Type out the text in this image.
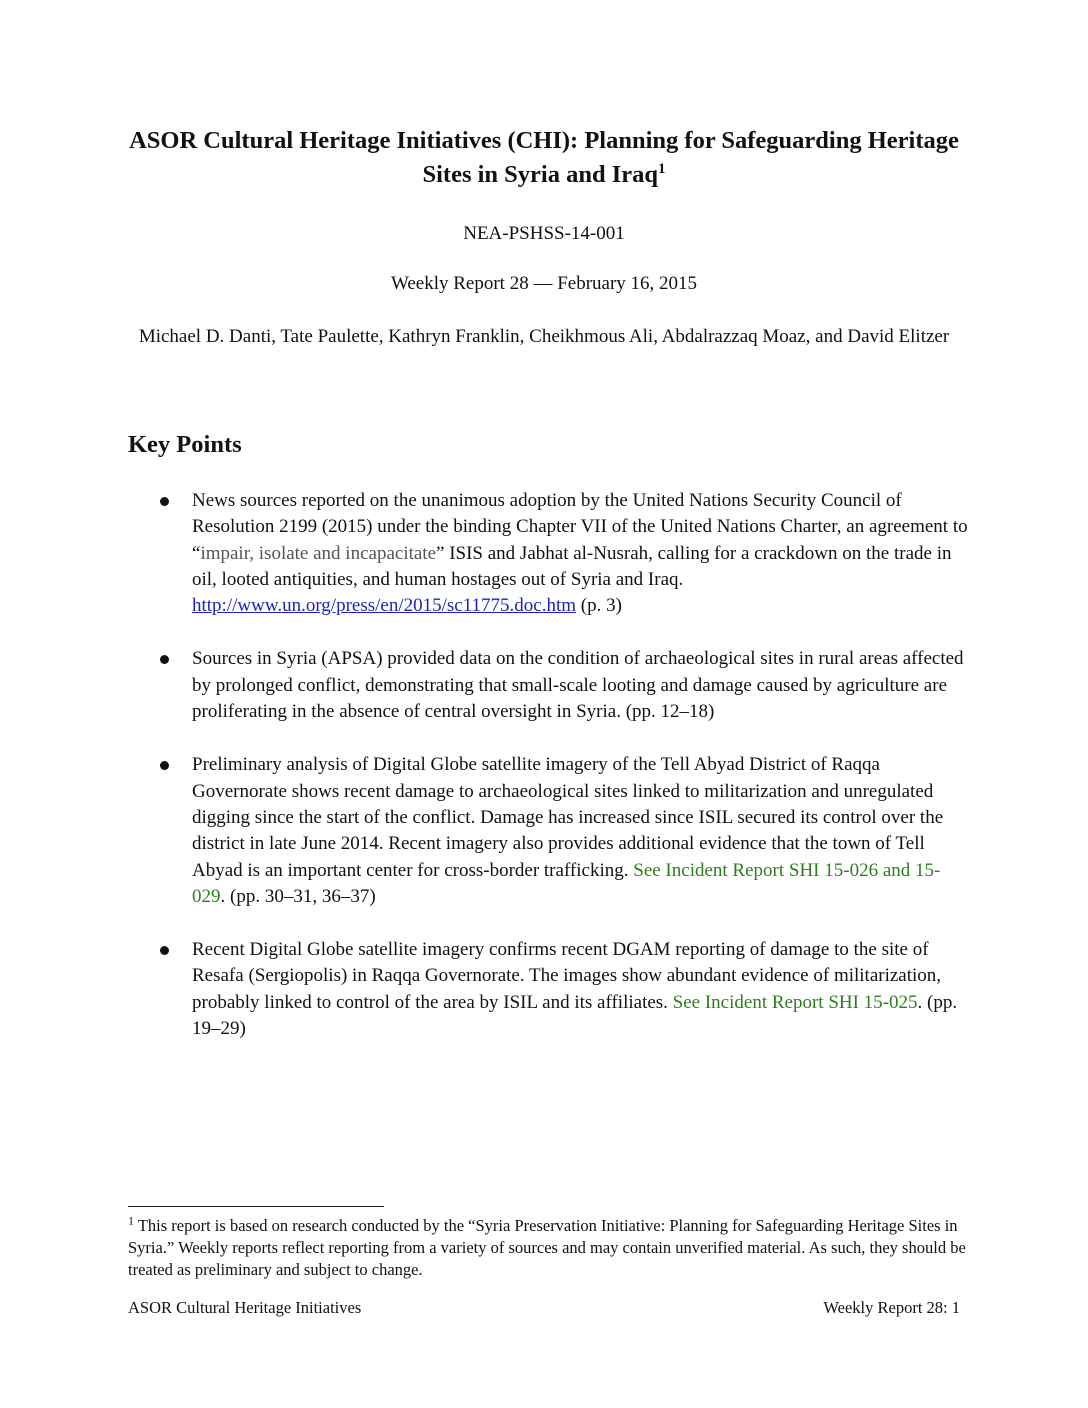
ASOR Cultural Heritage Initiatives (CHI): Planning for Safeguarding Heritage Sites in Syria and Iraq$^1$
NEA-PSHSS-14-001
Weekly Report 28 — February 16, 2015
Michael D. Danti, Tate Paulette, Kathryn Franklin, Cheikhmous Ali, Abdalrazzaq Moaz, and David Elitzer
Key Points
News sources reported on the unanimous adoption by the United Nations Security Council of Resolution 2199 (2015) under the binding Chapter VII of the United Nations Charter, an agreement to “impair, isolate and incapacitate” ISIS and Jabhat al-Nusrah, calling for a crackdown on the trade in oil, looted antiquities, and human hostages out of Syria and Iraq.
http://www.un.org/press/en/2015/sc11775.doc.htm (p. 3)
Sources in Syria (APSA) provided data on the condition of archaeological sites in rural areas affected by prolonged conflict, demonstrating that small-scale looting and damage caused by agriculture are proliferating in the absence of central oversight in Syria. (pp. 12–18)
Preliminary analysis of Digital Globe satellite imagery of the Tell Abyad District of Raqqa Governorate shows recent damage to archaeological sites linked to militarization and unregulated digging since the start of the conflict. Damage has increased since ISIL secured its control over the district in late June 2014. Recent imagery also provides additional evidence that the town of Tell Abyad is an important center for cross-border trafficking. See Incident Report SHI 15-026 and 15-029. (pp. 30–31, 36–37)
Recent Digital Globe satellite imagery confirms recent DGAM reporting of damage to the site of Resafa (Sergiopolis) in Raqqa Governorate. The images show abundant evidence of militarization, probably linked to control of the area by ISIL and its affiliates. See Incident Report SHI 15-025. (pp. 19–29)
$^1$ This report is based on research conducted by the “Syria Preservation Initiative: Planning for Safeguarding Heritage Sites in Syria.” Weekly reports reflect reporting from a variety of sources and may contain unverified material. As such, they should be treated as preliminary and subject to change.
ASOR Cultural Heritage Initiatives	Weekly Report 28: 1
